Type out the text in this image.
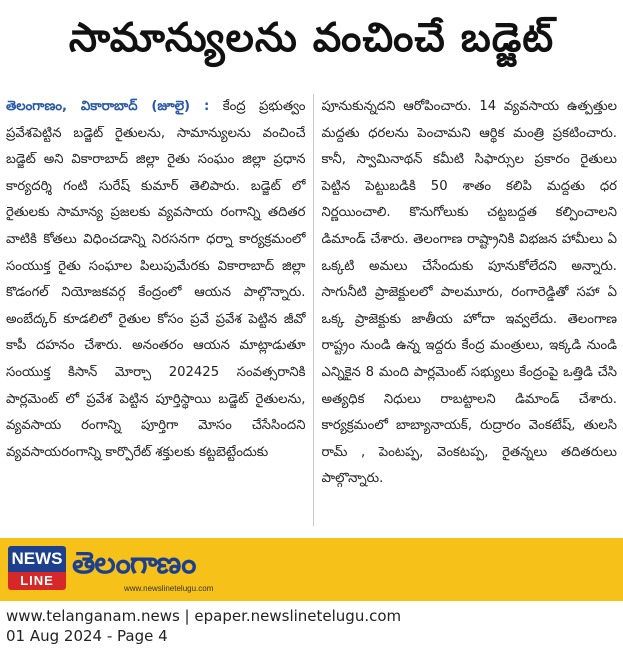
సామాన్యులను వంచించే బడ్జెట్
తెలంగాణం, వికారాబాద్ (జూలై) : కేంద్ర ప్రభుత్వం ప్రవేశపెట్టిన బడ్జెట్ రైతులను, సామాన్యులను వంచించే బడ్జెట్ అని వికారాబాద్ జిల్లా రైతు సంఘం జిల్లా ప్రధాన కార్యదర్శి గంటి సురేష్ కుమార్ తెలిపారు. బడ్జెట్ లో రైతులకు సామాన్య ప్రజలకు వ్యవసాయ రంగాన్ని తదితర వాటికి కోతలు విధించడాన్ని నిరసనగా ధర్నా కార్యక్రమంలో సంయుక్త రైతు సంఘాల పిలుపుమేరకు వికారాబాద్ జిల్లా కొడంగల్ నియోజకవర్గ కేంద్రంలో ఆయన పాల్గొన్నారు. అంబేద్కర్ కూడలిలో రైతుల కోసం ప్రవే ప్రవేశ పెట్టిన జీవో కాపీ దహనం చేశారు. అనంతరం ఆయన మాట్లాడుతూ సంయుక్త కిసాన్ మోర్చా 202425 సంవత్సరానికి పార్లమెంట్ లో ప్రవేశ పెట్టిన పూర్తిస్థాయి బడ్జెట్ రైతులను, వ్యవసాయ రంగాన్ని పూర్తిగా మోసం చేసేసిందని వ్యవసాయరంగాన్ని కార్పొరేట్ శక్తులకు కట్టబెట్టేందుకు
పూనుకున్నదని ఆరోపించారు. 14 వ్యవసాయ ఉత్పత్తుల మద్దతు ధరలను పెంచామని ఆర్థిక మంత్రి ప్రకటించారు. కానీ, స్వామినాథన్ కమీటి సిఫార్సుల ప్రకారం రైతులు పెట్టిన పెట్టుబడికి 50 శాతం కలిపి మద్దతు ధర నిర్ణయించాలి. కొనుగోలుకు చట్టబద్దత కల్పించాలని డిమాండ్ చేశారు. తెలంగాణ రాష్ట్రానికి విభజన హామీలు ఏ ఒక్కటి అమలు చేసేందుకు పూనుకోలేదని అన్నారు. సాగునీటి ప్రాజెక్టులలో పాలమూరు, రంగారెడ్డితో సహా ఏ ఒక్క ప్రాజెక్టుకు జాతీయ హోదా ఇవ్వలేదు. తెలంగాణ రాష్ట్రం నుండి ఉన్న ఇద్దరు కేంద్ర మంత్రులు, ఇక్కడి నుండి ఎన్నికైన 8 మంది పార్లమెంట్ సభ్యులు కేంద్రంపై ఒత్తిడి చేసి అత్యధిక నిధులు రాబట్టాలని డిమాండ్ చేశారు. కార్యక్రమంలో బాబ్యానాయక్, రుద్రారం వెంకటేష్, తులసి రామ్ , పెంటప్ప, వెంకటప్ప, రైతన్నలు తదితరులు పాల్గొన్నారు.
NEWS
LINE తెలంగాణం
www.newslinetelugu.com
www.telanganam.news | epaper.newslinetelugu.com
01 Aug 2024 - Page 4
